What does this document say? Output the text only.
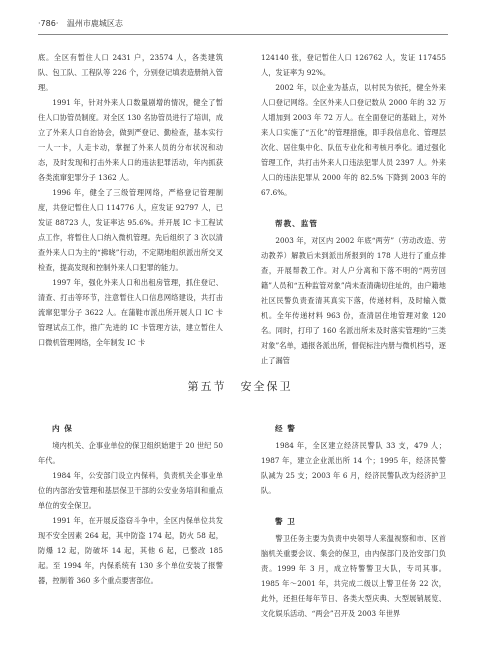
·786· 温州市鹿城区志

底。全区有暂住人口 2431 户，23574 人，各类建筑队、包工队、工程队等 226 个，分别登记填表造册纳入管理。

1991 年，针对外来人口数量剧增的情况，健全了暂住人口协管员制度。对全区 130 名协管员进行了培训，成立了外来人口自治协会，做到严登记、勤检查，基本实行一人一卡，人走卡动，掌握了外来人员的分布状况和动态，及时发现和打击外来人口的违法犯罪活动，年内抓获各类流窜犯罪分子 1362 人。

1996 年，健全了三级管理网络，严格登记管理制度，共登记暂住人口 114776 人，应发证 92797 人，已发证 88723 人，发证率达 95.6%。并开展 IC 卡工程试点工作，将暂住人口纳入微机管理。先后组织了 3 次以清查外来人口为主的“拂晓”行动，不定期地组织派出所交叉检查，提高发现和控制外来人口犯罪的能力。

1997 年，强化外来人口和出租房管理，抓住登记、清查、打击等环节，注意暂住人口信息网络建设，共打击流窜犯罪分子 3622 人。在蒲鞋市派出所开展人口 IC 卡管理试点工作，推广先进的 IC 卡管理方法，建立暂住人口微机管理网络，全年制发 IC 卡

124140 张，登记暂住人口 126762 人，发证 117455 人，发证率为 92%。

2002 年，以企业为基点，以村民为依托，健全外来人口登记网络。全区外来人口登记数从 2000 年的 32 万人增加到 2003 年 72 万人。在全面登记的基础上，对外来人口实施了“五化”的管理措施，即手段信息化、管理层次化、居住集中化、队伍专业化和考核月季化。通过强化管理工作，共打击外来人口违法犯罪人员 2397 人。外来人口的违法犯罪从 2000 年的 82.5% 下降到 2003 年的 67.6%。

帮教、监管

2003 年，对区内 2002 年底“两劳”（劳动改造、劳动教养）解教后未到派出所报到的 178 人进行了重点排查，开展帮教工作。对人户分离和下落不明的“两劳回籍”人员和“五种监管对象”尚未查清确切住址的，由户籍地社区民警负责查清其真实下落，传递材料，及时输入微机。全年传递材料 963 份，查清居住地管理对象 120 名。同时，打印了 160 名派出所未及时落实管理的“三类对象”名单，通报各派出所，督促标注内册与微机档号，逐止了漏管

第五节 安全保卫
内 保

境内机关、企事业单位的保卫组织始建于 20 世纪 50 年代。

1984 年，公安部门设立内保科，负责机关企事业单位的内部治安管理和基层保卫干部的公安业务培训和重点单位的安全保卫。

1991 年，在开展反盗窃斗争中，全区内保单位共发现不安全因素 264 起，其中防盗 174 起，防火 58 起，防爆 12 起，防破坏 14 起，其他 6 起，已整改 185 起。至 1994 年，内保系统有 130 多个单位安装了报警器，控制着 360 多个重点要害部位。

经 警

1984 年，全区建立经济民警队 33 支，479 人；1987 年，建立企业派出所 14 个；1995 年，经济民警队减为 25 支；2003 年 6 月，经济民警队改为经济护卫队。

警 卫

警卫任务主要为负责中央领导人来温视察和市、区首脑机关重要会议、集会的保卫，由内保部门及治安部门负责。1999 年 3 月，成立特警警卫大队，专司其事。1985 年～2001 年，共完成二级以上警卫任务 22 次，此外，还担任每年节日、各类大型庆典、大型展销展览、文化娱乐活动、“两会”召开及 2003 年世界
